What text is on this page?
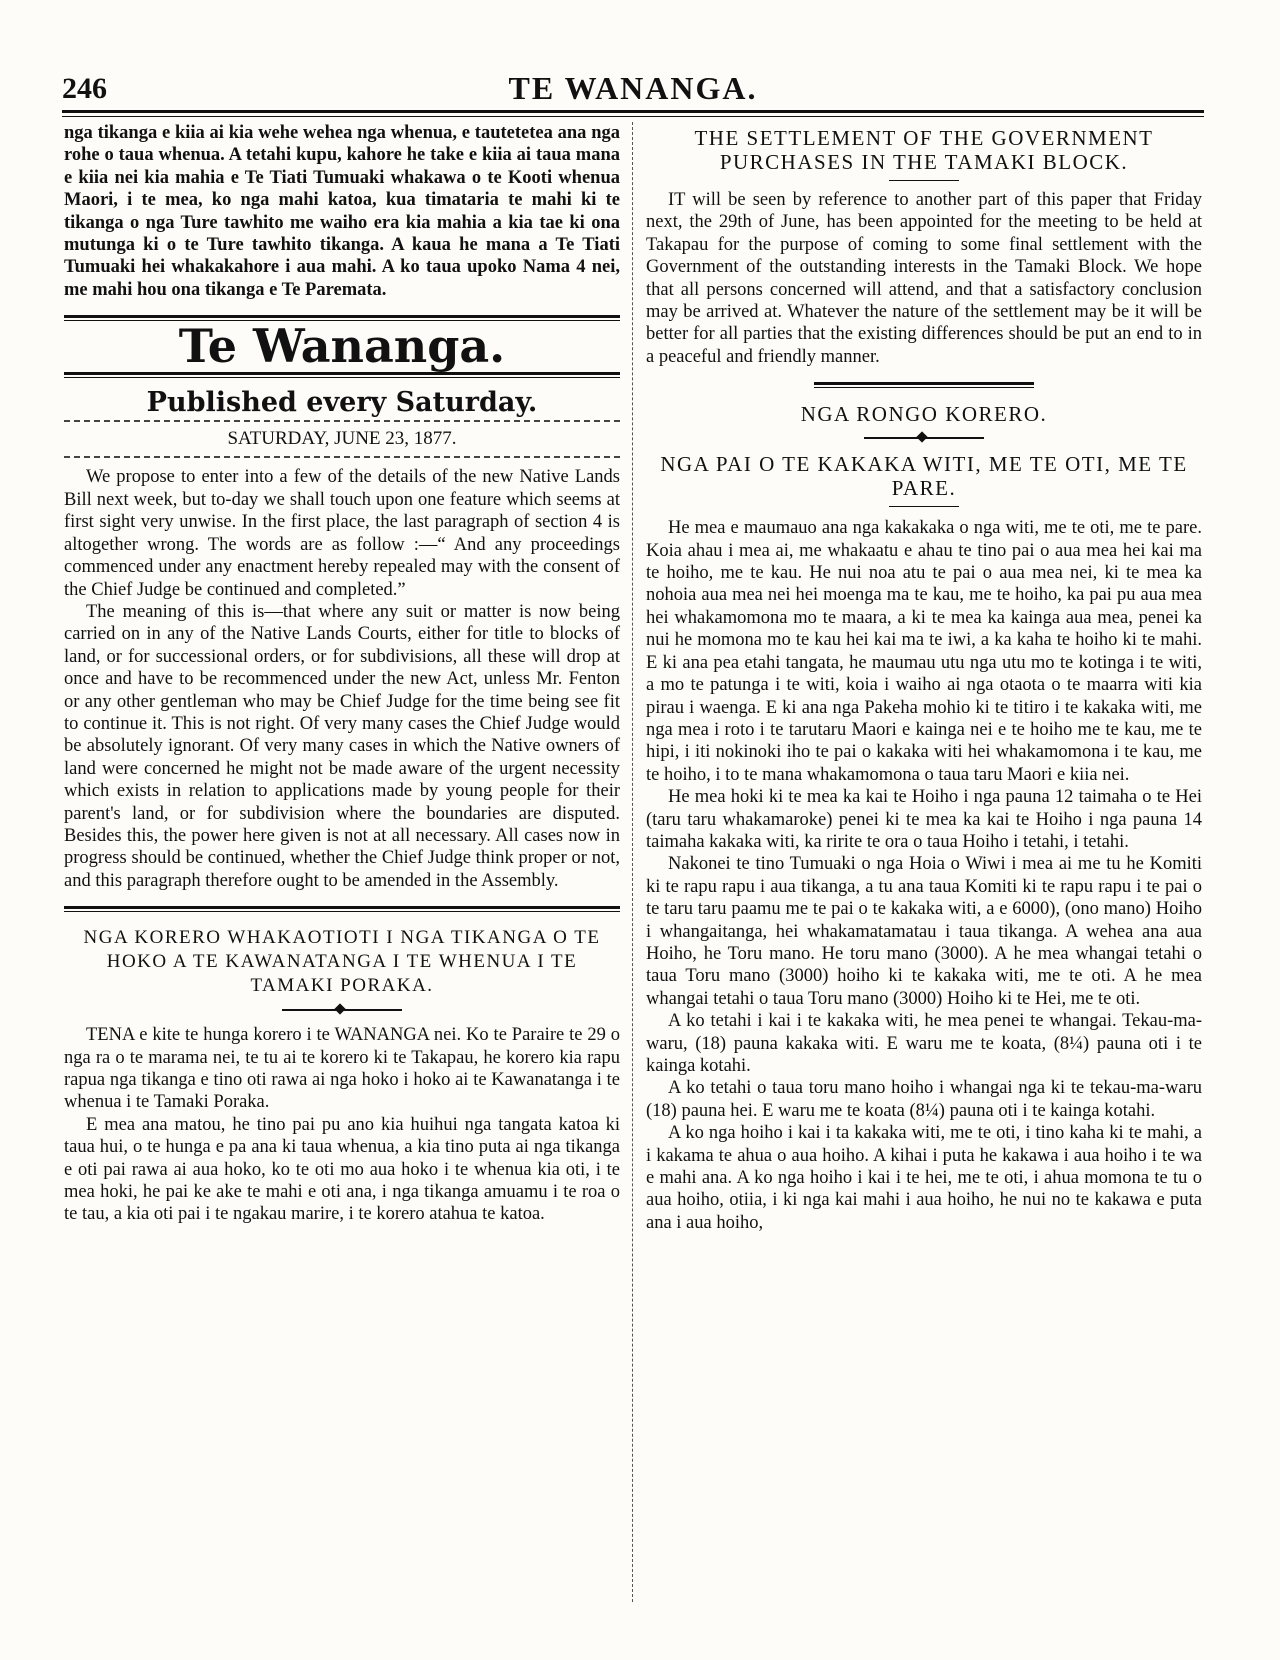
246	TE WANANGA.

nga tikanga e kiia ai kia wehe wehea nga whenua, e tautetetea ana nga rohe o taua whenua. A tetahi kupu, kahore he take e kiia ai taua mana e kiia nei kia mahia e Te Tiati Tumuaki whakawa o te Kooti whenua Maori, i te mea, ko nga mahi katoa, kua timataria te mahi ki te tikanga o nga Ture tawhito me waiho era kia mahia a kia tae ki ona mutunga ki o te Ture tawhito tikanga. A kaua he mana a Te Tiati Tumuaki hei whakakahore i aua mahi. A ko taua upoko Nama 4 nei, me mahi hou ona tikanga e Te Paremata.

Te Wananga.
Published every Saturday.
SATURDAY, JUNE 23, 1877.

We propose to enter into a few of the details of the new Native Lands Bill next week, but to-day we shall touch upon one feature which seems at first sight very unwise. In the first place, the last paragraph of section 4 is altogether wrong. The words are as follow :—“ And any proceedings commenced under any enactment hereby repealed may with the consent of the Chief Judge be continued and completed.”

The meaning of this is—that where any suit or matter is now being carried on in any of the Native Lands Courts, either for title to blocks of land, or for successional orders, or for subdivisions, all these will drop at once and have to be recommenced under the new Act, unless Mr. Fenton or any other gentleman who may be Chief Judge for the time being see fit to continue it. This is not right. Of very many cases the Chief Judge would be absolutely ignorant. Of very many cases in which the Native owners of land were concerned he might not be made aware of the urgent necessity which exists in relation to applications made by young people for their parent's land, or for subdivision where the boundaries are disputed. Besides this, the power here given is not at all necessary. All cases now in progress should be continued, whether the Chief Judge think proper or not, and this paragraph therefore ought to be amended in the Assembly.

NGA KORERO WHAKAOTIOTI I NGA TIKANGA O TE HOKO A TE KAWANATANGA I TE WHENUA I TE TAMAKI PORAKA.

TENA e kite te hunga korero i te WANANGA nei. Ko te Paraire te 29 o nga ra o te marama nei, te tu ai te korero ki te Takapau, he korero kia rapu rapua nga tikanga e tino oti rawa ai nga hoko i hoko ai te Kawanatanga i te whenua i te Tamaki Poraka.

E mea ana matou, he tino pai pu ano kia huihui nga tangata katoa ki taua hui, o te hunga e pa ana ki taua whenua, a kia tino puta ai nga tikanga e oti pai rawa ai aua hoko, ko te oti mo aua hoko i te whenua kia oti, i te mea hoki, he pai ke ake te mahi e oti ana, i nga tikanga amuamu i te roa o te tau, a kia oti pai i te ngakau marire, i te korero atahua te katoa.

THE SETTLEMENT OF THE GOVERNMENT PURCHASES IN THE TAMAKI BLOCK.

IT will be seen by reference to another part of this paper that Friday next, the 29th of June, has been appointed for the meeting to be held at Takapau for the purpose of coming to some final settlement with the Government of the outstanding interests in the Tamaki Block. We hope that all persons concerned will attend, and that a satisfactory conclusion may be arrived at. Whatever the nature of the settlement may be it will be better for all parties that the existing differences should be put an end to in a peaceful and friendly manner.

NGA RONGO KORERO.
NGA PAI O TE KAKAKA WITI, ME TE OTI, ME TE PARE.

He mea e maumauo ana nga kakakaka o nga witi, me te oti, me te pare. Koia ahau i mea ai, me whakaatu e ahau te tino pai o aua mea hei kai ma te hoiho, me te kau. He nui noa atu te pai o aua mea nei, ki te mea ka nohoia aua mea nei hei moenga ma te kau, me te hoiho, ka pai pu aua mea hei whakamomona mo te maara, a ki te mea ka kainga aua mea, penei ka nui he momona mo te kau hei kai ma te iwi, a ka kaha te hoiho ki te mahi. E ki ana pea etahi tangata, he maumau utu nga utu mo te kotinga i te witi, a mo te patunga i te witi, koia i waiho ai nga otaota o te maarra witi kia pirau i waenga. E ki ana nga Pakeha mohio ki te titiro i te kakaka witi, me nga mea i roto i te tarutaru Maori e kainga nei e te hoiho me te kau, me te hipi, i iti nokinoki iho te pai o kakaka witi hei whakamomona i te kau, me te hoiho, i to te mana whakamomona o taua taru Maori e kiia nei.

He mea hoki ki te mea ka kai te Hoiho i nga pauna 12 taimaha o te Hei (taru taru whakamaroke) penei ki te mea ka kai te Hoiho i nga pauna 14 taimaha kakaka witi, ka ririte te ora o taua Hoiho i tetahi, i tetahi.

Nakonei te tino Tumuaki o nga Hoia o Wiwi i mea ai me tu he Komiti ki te rapu rapu i aua tikanga, a tu ana taua Komiti ki te rapu rapu i te pai o te taru taru paamu me te pai o te kakaka witi, a e 6000), (ono mano) Hoiho i whangaitanga, hei whakamatamatau i taua tikanga. A wehea ana aua Hoiho, he Toru mano. He toru mano (3000). A he mea whangai tetahi o taua Toru mano (3000) hoiho ki te kakaka witi, me te oti. A he mea whangai tetahi o taua Toru mano (3000) Hoiho ki te Hei, me te oti.

A ko tetahi i kai i te kakaka witi, he mea penei te whangai. Tekau-ma-waru, (18) pauna kakaka witi. E waru me te koata, (8¼) pauna oti i te kainga kotahi.

A ko tetahi o taua toru mano hoiho i whangai nga ki te tekau-ma-waru (18) pauna hei. E waru me te koata (8¼) pauna oti i te kainga kotahi.

A ko nga hoiho i kai i ta kakaka witi, me te oti, i tino kaha ki te mahi, a i kakama te ahua o aua hoiho. A kihai i puta he kakawa i aua hoiho i te wa e mahi ana. A ko nga hoiho i kai i te hei, me te oti, i ahua momona te tu o aua hoiho, otiia, i ki nga kai mahi i aua hoiho, he nui no te kakawa e puta ana i aua hoiho,
